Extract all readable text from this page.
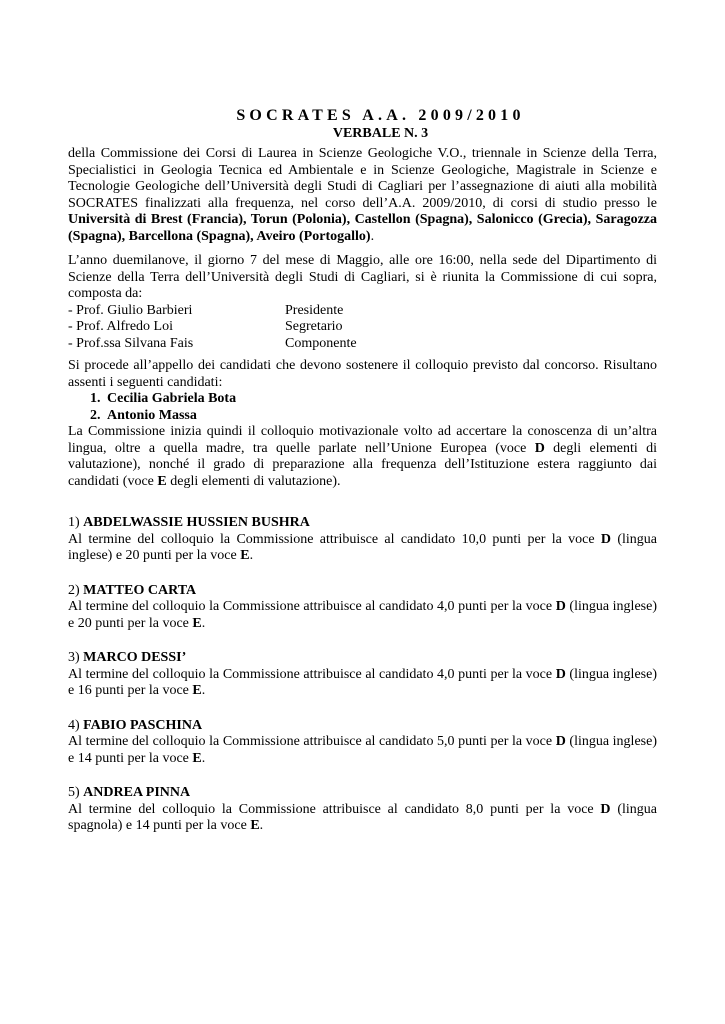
SOCRATES A.A. 2009/2010
VERBALE N. 3

della Commissione dei Corsi di Laurea in Scienze Geologiche V.O., triennale in Scienze della Terra, Specialistici in Geologia Tecnica ed Ambientale e in Scienze Geologiche, Magistrale in Scienze e Tecnologie Geologiche dell’Università degli Studi di Cagliari per l’assegnazione di aiuti alla mobilità SOCRATES finalizzati alla frequenza, nel corso dell’A.A. 2009/2010, di corsi di studio presso le Università di Brest (Francia), Torun (Polonia), Castellon (Spagna), Salonicco (Grecia), Saragozza (Spagna), Barcellona (Spagna), Aveiro (Portogallo).

L’anno duemilanove, il giorno 7 del mese di Maggio, alle ore 16:00, nella sede del Dipartimento di Scienze della Terra dell’Università degli Studi di Cagliari, si è riunita la Commissione di cui sopra, composta da:

- Prof. Giulio Barbieri	Presidente
- Prof. Alfredo Loi	Segretario
- Prof.ssa Silvana Fais	Componente

Si procede all’appello dei candidati che devono sostenere il colloquio previsto dal concorso. Risultano assenti i seguenti candidati:

1. Cecilia Gabriela Bota
2. Antonio Massa

La Commissione inizia quindi il colloquio motivazionale volto ad accertare la conoscenza di un’altra lingua, oltre a quella madre, tra quelle parlate nell’Unione Europea (voce D degli elementi di valutazione), nonché il grado di preparazione alla frequenza dell’Istituzione estera raggiunto dai candidati (voce E degli elementi di valutazione).

1) ABDELWASSIE HUSSIEN BUSHRA

Al termine del colloquio la Commissione attribuisce al candidato 10,0 punti per la voce D (lingua inglese) e 20 punti per la voce E.

2) MATTEO CARTA

Al termine del colloquio la Commissione attribuisce al candidato 4,0 punti per la voce D (lingua inglese) e 20 punti per la voce E.

3) MARCO DESSI’

Al termine del colloquio la Commissione attribuisce al candidato 4,0 punti per la voce D (lingua inglese) e 16 punti per la voce E.

4) FABIO PASCHINA

Al termine del colloquio la Commissione attribuisce al candidato 5,0 punti per la voce D (lingua inglese) e 14 punti per la voce E.

5) ANDREA PINNA

Al termine del colloquio la Commissione attribuisce al candidato 8,0 punti per la voce D (lingua spagnola) e 14 punti per la voce E.
